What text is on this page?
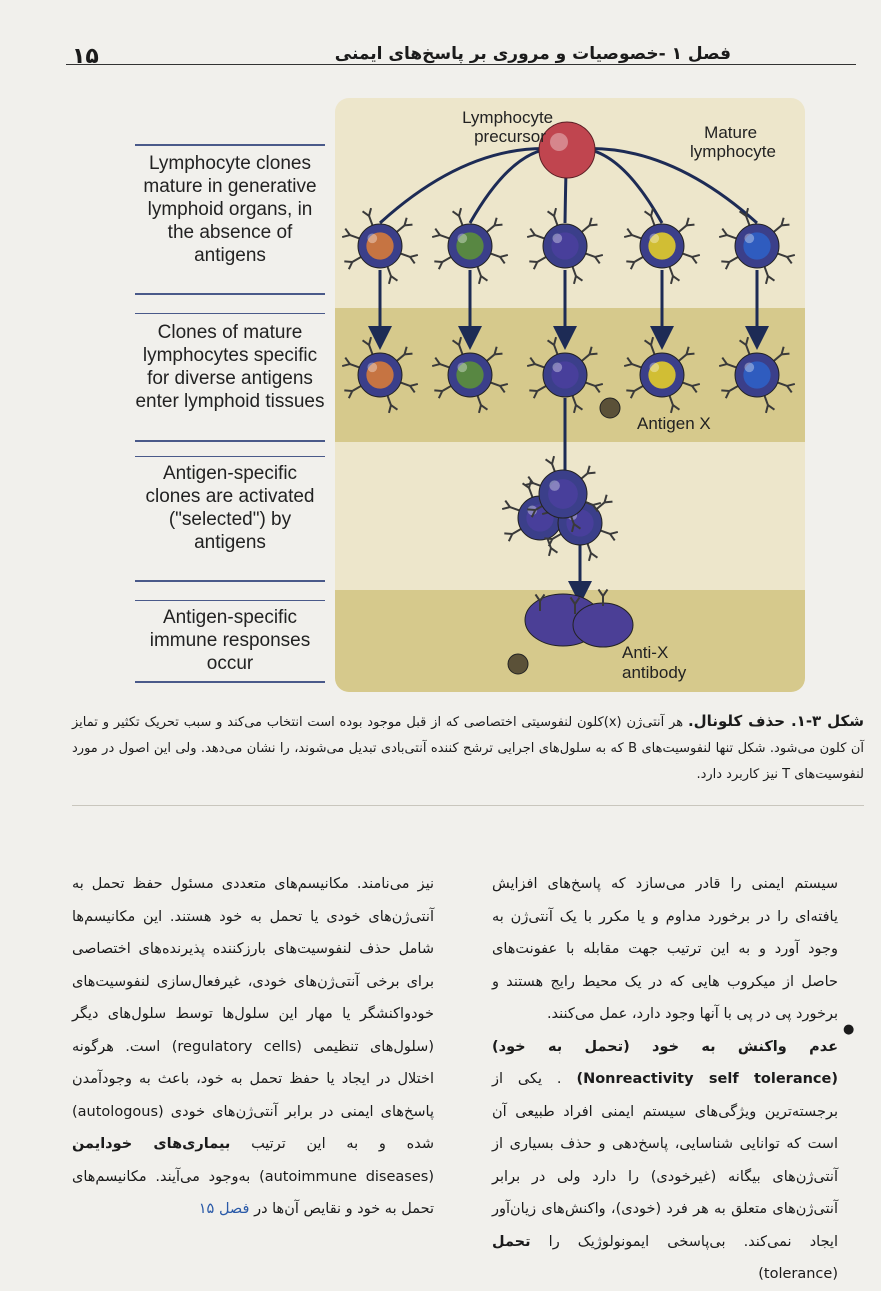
۱۵	فصل ۱ -خصوصیات و مروری بر پاسخ‌های ایمنی
Lymphocyte clones mature in generative lymphoid organs, in the absence of antigens
Clones of mature lymphocytes specific for diverse antigens enter lymphoid tissues
Antigen-specific clones are activated ("selected") by antigens
Antigen-specific immune responses occur
Lymphocyte precursor	Mature lymphocyte
Antigen X
Anti-X antibody
شکل ۳-۱. حذف کلونال. هر آنتی‌ژن (x)کلون لنفوسیتی اختصاصی که از قبل موجود بوده است انتخاب می‌کند و سبب تحریک تکثیر و تمایز آن کلون می‌شود. شکل تنها لنفوسیت‌های B که به سلول‌های اجرایی ترشح کننده آنتی‌بادی تبدیل می‌شوند، را نشان می‌دهد. ولی این اصول در مورد لنفوسیت‌های T نیز کاربرد دارد.
سیستم ایمنی را قادر می‌سازد که پاسخ‌های افزایش یافته‌ای را در برخورد مداوم و یا مکرر با یک آنتی‌ژن به وجود آورد و به این ترتیب جهت مقابله با عفونت‌های حاصل از میکروب هایی که در یک محیط رایج هستند و برخورد پی در پی با آنها وجود دارد، عمل می‌کنند.
عدم واکنش به خود (تحمل به خود) (Nonreactivity self tolerance) . یکی از برجسته‌ترین ویژگی‌های سیستم ایمنی افراد طبیعی آن است که توانایی شناسایی، پاسخ‌دهی و حذف بسیاری از آنتی‌ژن‌های بیگانه (غیرخودی) را دارد ولی در برابر آنتی‌ژن‌های متعلق به هر فرد (خودی)، واکنش‌های زیان‌آور ایجاد نمی‌کند. بی‌پاسخی ایمونولوژیک را تحمل (tolerance)
●
نیز می‌نامند. مکانیسم‌های متعددی مسئول حفظ تحمل به آنتی‌ژن‌های خودی یا تحمل به خود هستند. این مکانیسم‌ها شامل حذف لنفوسیت‌های بارزکننده پذیرنده‌های اختصاصی برای برخی آنتی‌ژن‌های خودی، غیرفعال‌سازی لنفوسیت‌های خودواکنشگر یا مهار این سلول‌ها توسط سلول‌های دیگر (سلول‌های تنظیمی (regulatory cells) است. هرگونه اختلال در ایجاد یا حفظ تحمل به خود، باعث به وجودآمدن پاسخ‌های ایمنی در برابر آنتی‌ژن‌های خودی (autologous) شده و به این ترتیب بیماری‌های خودایمن (autoimmune diseases) به‌وجود می‌آیند. مکانیسم‌های تحمل به خود و نقایص آن‌ها در فصل ۱۵
